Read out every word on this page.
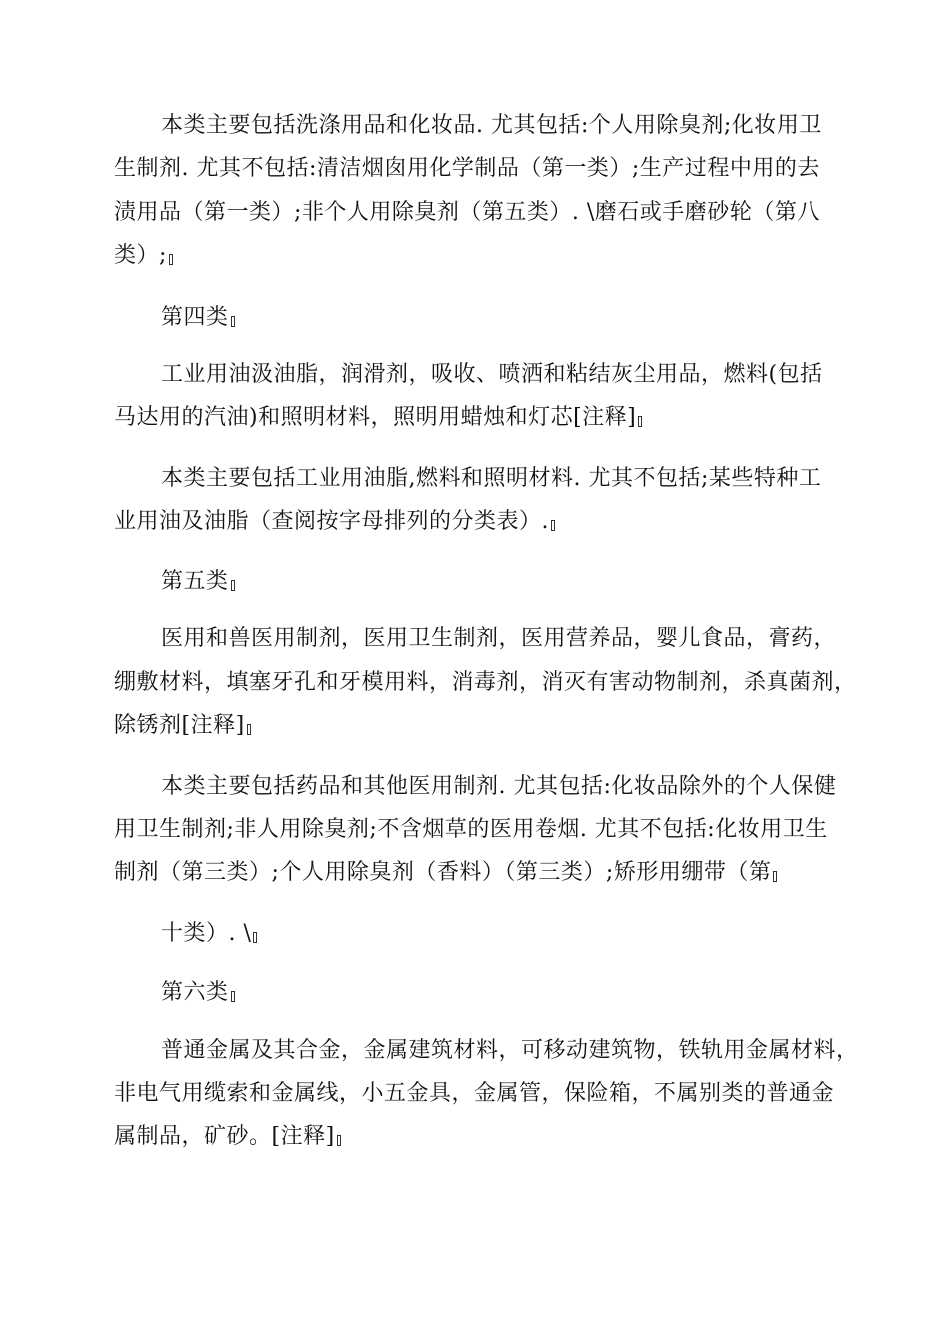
本类主要包括洗涤用品和化妆品. 尤其包括:个人用除臭剂;化妆用卫
生制剂. 尤其不包括:清洁烟囱用化学制品（第一类）;生产过程中用的去
渍用品（第一类）;非个人用除臭剂（第五类）. \磨石或手磨砂轮（第八
类）;
第四类
工业用油汲油脂，润滑剂，吸收、喷洒和粘结灰尘用品，燃料(包括
马达用的汽油)和照明材料，照明用蜡烛和灯芯[注释]
本类主要包括工业用油脂,燃料和照明材料. 尤其不包括;某些特种工
业用油及油脂（查阅按字母排列的分类表）.
第五类
医用和兽医用制剂，医用卫生制剂，医用营养品，婴儿食品，膏药，
绷敷材料，填塞牙孔和牙模用料，消毒剂，消灭有害动物制剂，杀真菌剂，
除锈剂[注释]
本类主要包括药品和其他医用制剂. 尤其包括:化妆品除外的个人保健
用卫生制剂;非人用除臭剂;不含烟草的医用卷烟. 尤其不包括:化妆用卫生
制剂（第三类）;个人用除臭剂（香料）（第三类）;矫形用绷带（第
十类）. \
第六类
普通金属及其合金，金属建筑材料，可移动建筑物，铁轨用金属材料，
非电气用缆索和金属线，小五金具，金属管，保险箱，不属别类的普通金
属制品，矿砂。[注释]
